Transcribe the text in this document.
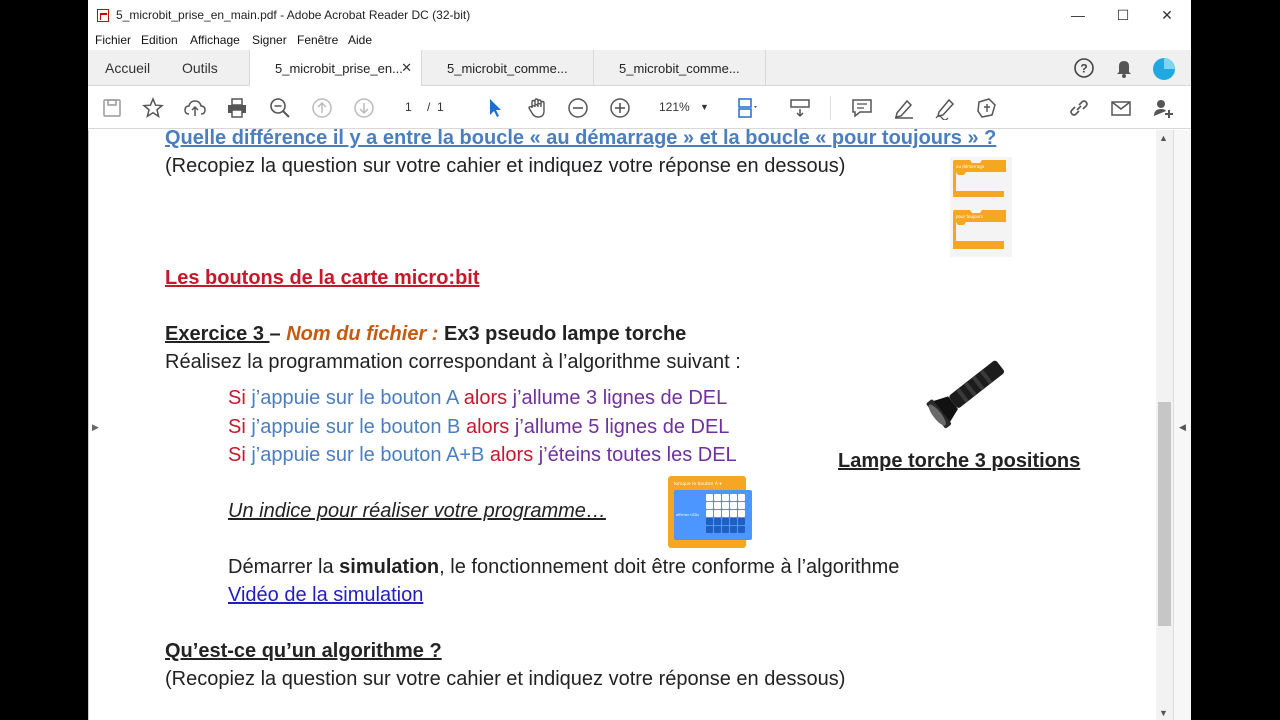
5_microbit_prise_en_main.pdf - Adobe Acrobat Reader DC (32-bit)	—	☐	✕
Fichier Edition Affichage Signer Fenêtre Aide
Accueil Outils	5_microbit_prise_en...
✕	5_microbit_comme...	5_microbit_comme...	?
1 / 1	121% ▼
Quelle différence il y a entre la boucle « au démarrage » et la boucle « pour toujours » ?
(Recopiez la question sur votre cahier et indiquez votre réponse en dessous)	au démarrage
pour toujours
Les boutons de la carte micro:bit
Exercice 3 – Nom du fichier : Ex3 pseudo lampe torche
Réalisez la programmation correspondant à l’algorithme suivant :
Si j’appuie sur le bouton A alors j’allume 3 lignes de DEL
Si j’appuie sur le bouton B alors j’allume 5 lignes de DEL
Si j’appuie sur le bouton A+B alors j’éteins toutes les DEL	Lampe torche 3 positions
Un indice pour réaliser votre programme…
lorsque le bouton A ▾
afficher LEDs
Démarrer la simulation, le fonctionnement doit être conforme à l’algorithme
Vidéo de la simulation
Qu’est-ce qu’un algorithme ?
(Recopiez la question sur votre cahier et indiquez votre réponse en dessous)
▲
▼
◀
▶
